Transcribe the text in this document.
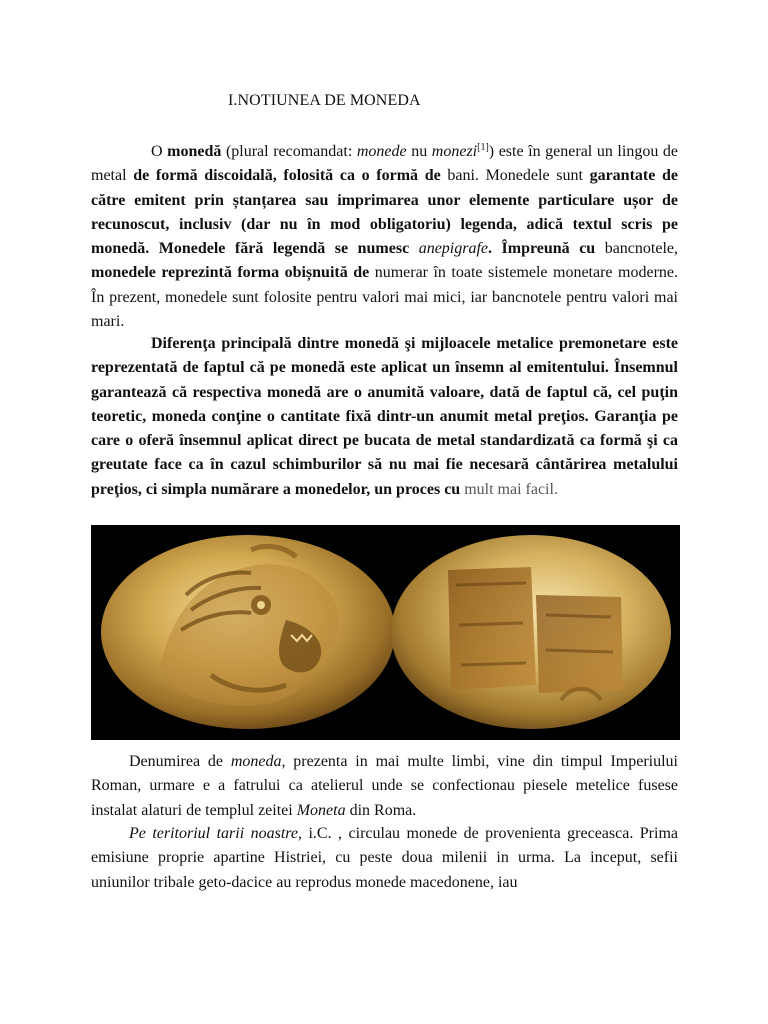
I.NOTIUNEA DE MONEDA

O monedă (plural recomandat: monede nu monezi[1]) este în general un lingou de metal de formă discoidală, folosită ca o formă de bani. Monedele sunt garantate de către emitent prin ștanțarea sau imprimarea unor elemente particulare ușor de recunoscut, inclusiv (dar nu în mod obligatoriu) legenda, adică textul scris pe monedă. Monedele fără legendă se numesc anepigrafe. Împreună cu bancnotele, monedele reprezintă forma obișnuită de numerar în toate sistemele monetare moderne. În prezent, monedele sunt folosite pentru valori mai mici, iar bancnotele pentru valori mai mari.

Diferenţa principală dintre monedă şi mijloacele metalice premonetare este reprezentată de faptul că pe monedă este aplicat un însemn al emitentului. Însemnul garantează că respectiva monedă are o anumită valoare, dată de faptul că, cel puţin teoretic, moneda conţine o cantitate fixă dintr-un anumit metal preţios. Garanţia pe care o oferă însemnul aplicat direct pe bucata de metal standardizată ca formă şi ca greutate face ca în cazul schimburilor să nu mai fie necesară cântărirea metalului preţios, ci simpla numărare a monedelor, un proces cu mult mai facil.

Denumirea de moneda, prezenta in mai multe limbi, vine din timpul Imperiului Roman, urmare e a fatrului ca atelierul unde se confectionau piesele metelice fusese instalat alaturi de templul zeitei Moneta din Roma.

Pe teritoriul tarii noastre, i.C. , circulau monede de provenienta greceasca. Prima emisiune proprie apartine Histriei, cu peste doua milenii in urma. La inceput, sefii uniunilor tribale geto-dacice au reprodus monede macedonene, iau
